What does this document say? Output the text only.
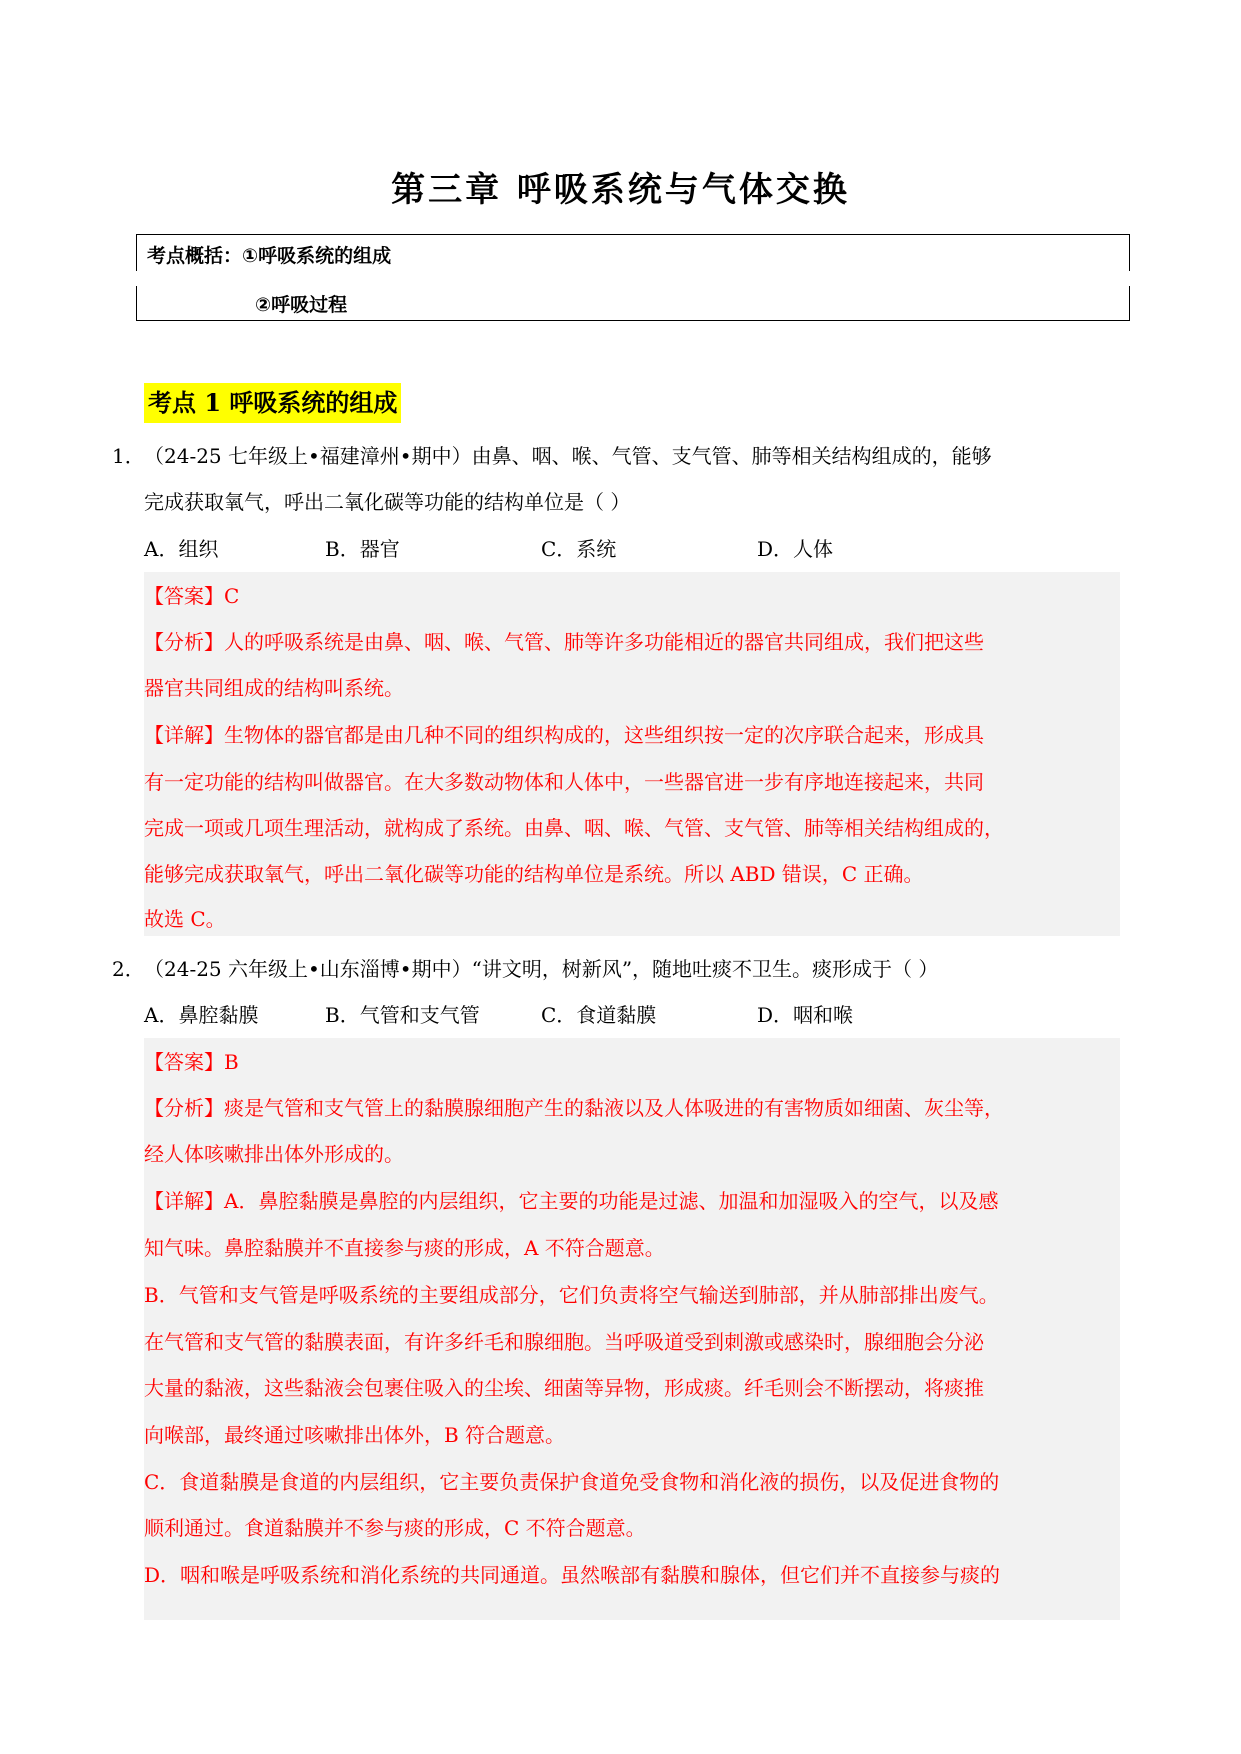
第三章 呼吸系统与气体交换
考点概括：①呼吸系统的组成
②呼吸过程
考点 1 呼吸系统的组成
1． （24-25 七年级上•福建漳州•期中）由鼻、咽、喉、气管、支气管、肺等相关结构组成的，能够
完成获取氧气，呼出二氧化碳等功能的结构单位是（ ）
A．组织	B．器官	C．系统	D．人体
【答案】C
【分析】人的呼吸系统是由鼻、咽、喉、气管、肺等许多功能相近的器官共同组成，我们把这些
器官共同组成的结构叫系统。
【详解】生物体的器官都是由几种不同的组织构成的，这些组织按一定的次序联合起来，形成具
有一定功能的结构叫做器官。在大多数动物体和人体中，一些器官进一步有序地连接起来，共同
完成一项或几项生理活动，就构成了系统。由鼻、咽、喉、气管、支气管、肺等相关结构组成的，
能够完成获取氧气，呼出二氧化碳等功能的结构单位是系统。所以 ABD 错误，C 正确。
故选 C。
2． （24-25 六年级上•山东淄博•期中）“讲文明，树新风”，随地吐痰不卫生。痰形成于（ ）
A．鼻腔黏膜	B．气管和支气管	C．食道黏膜	D．咽和喉
【答案】B
【分析】痰是气管和支气管上的黏膜腺细胞产生的黏液以及人体吸进的有害物质如细菌、灰尘等，
经人体咳嗽排出体外形成的。
【详解】A．鼻腔黏膜是鼻腔的内层组织，它主要的功能是过滤、加温和加湿吸入的空气，以及感
知气味。鼻腔黏膜并不直接参与痰的形成，A 不符合题意。
B．气管和支气管是呼吸系统的主要组成部分，它们负责将空气输送到肺部，并从肺部排出废气。
在气管和支气管的黏膜表面，有许多纤毛和腺细胞。当呼吸道受到刺激或感染时，腺细胞会分泌
大量的黏液，这些黏液会包裹住吸入的尘埃、细菌等异物，形成痰。纤毛则会不断摆动，将痰推
向喉部，最终通过咳嗽排出体外，B 符合题意。
C．食道黏膜是食道的内层组织，它主要负责保护食道免受食物和消化液的损伤，以及促进食物的
顺利通过。食道黏膜并不参与痰的形成，C 不符合题意。
D．咽和喉是呼吸系统和消化系统的共同通道。虽然喉部有黏膜和腺体，但它们并不直接参与痰的
